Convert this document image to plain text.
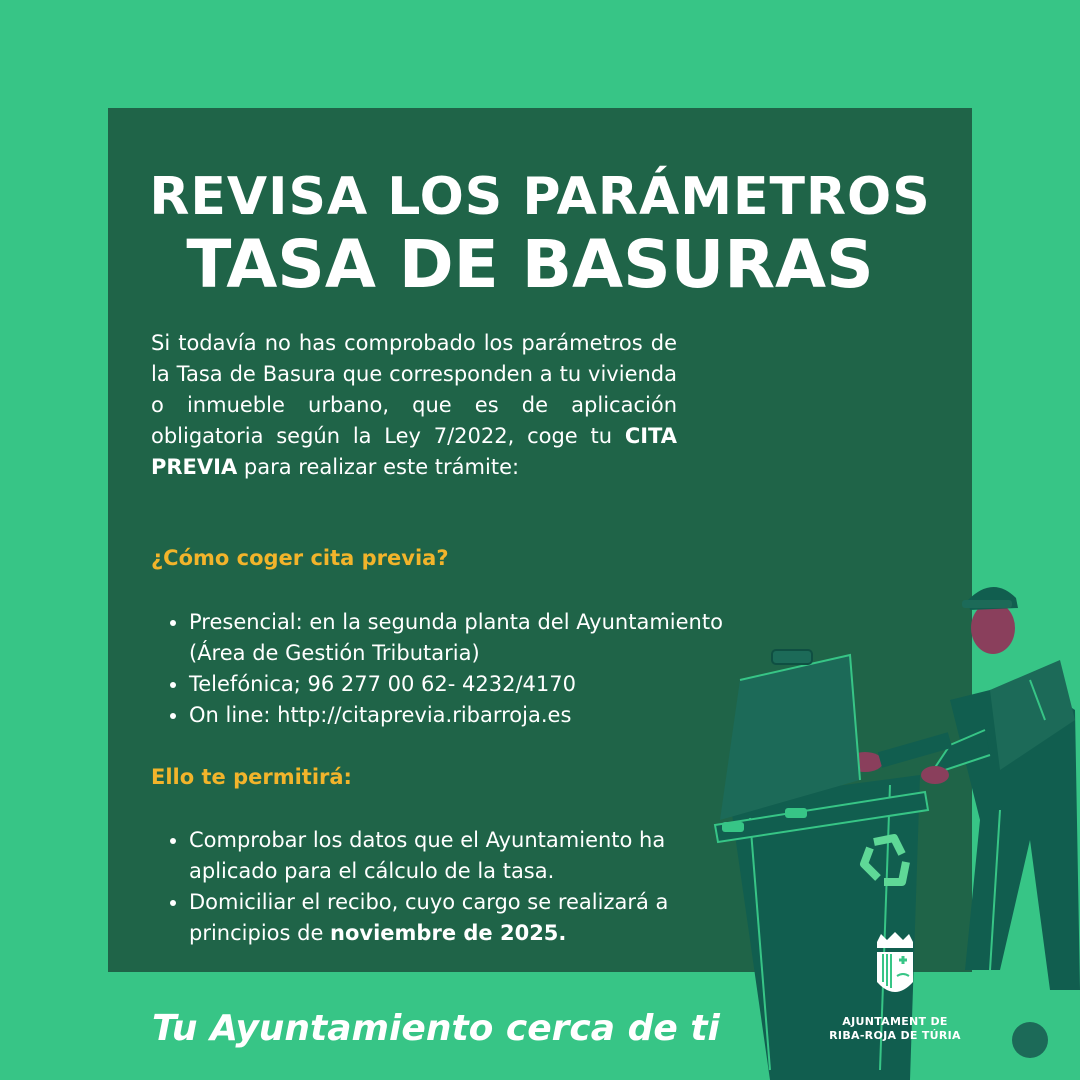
REVISA LOS PARÁMETROS
TASA DE BASURAS
Si todavía no has comprobado los parámetros de la Tasa de Basura que corresponden a tu vivienda o inmueble urbano, que es de aplicación obligatoria según la Ley 7/2022, coge tu CITA PREVIA para realizar este trámite:
¿Cómo coger cita previa?
• Presencial: en la segunda planta del Ayuntamiento (Área de Gestión Tributaria)
• Telefónica; 96 277 00 62- 4232/4170
• On line: http://citaprevia.ribarroja.es
Ello te permitirá:
• Comprobar los datos que el Ayuntamiento ha aplicado para el cálculo de la tasa.
• Domiciliar el recibo, cuyo cargo se realizará a principios de noviembre de 2025.
Tu Ayuntamiento cerca de ti	AJUNTAMENT DE
RIBA-ROJA DE TÚRIA
